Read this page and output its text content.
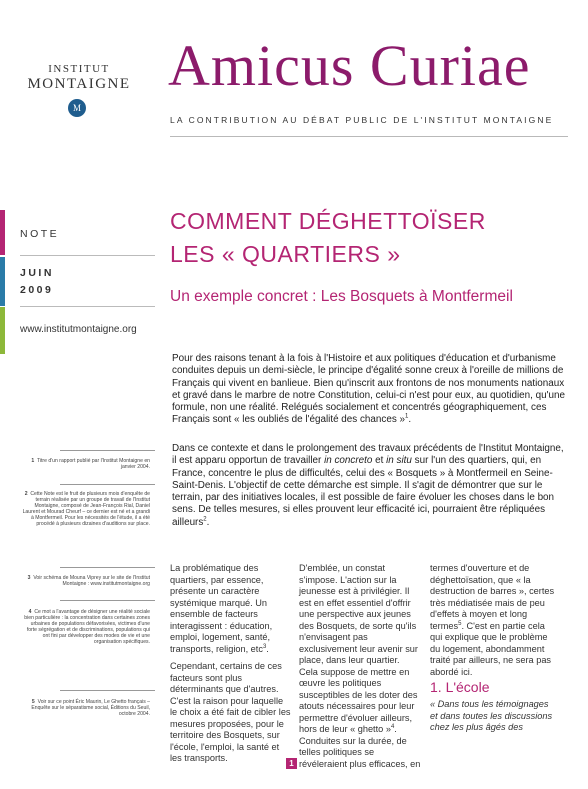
INSTITUT
MONTAIGNE
M
Amicus Curiae
LA CONTRIBUTION AU DÉBAT PUBLIC DE L'INSTITUT MONTAIGNE
NOTE
JUIN
2009
www.institutmontaigne.org
COMMENT DÉGHETTOÏSER
LES « QUARTIERS »
Un exemple concret : Les Bosquets à Montfermeil

Pour des raisons tenant à la fois à l'Histoire et aux politiques d'éducation et d'urbanisme conduites depuis un demi-siècle, le principe d'égalité sonne creux à l'oreille de millions de Français qui vivent en banlieue. Bien qu'inscrit aux frontons de nos monuments nationaux et gravé dans le marbre de notre Constitution, celui-ci n'est pour eux, au quotidien, qu'une formule, non une réalité. Relégués socialement et concentrés géographiquement, ces Français sont « les oubliés de l'égalité des chances »$^1$.

Dans ce contexte et dans le prolongement des travaux précédents de l'Institut Montaigne, il est apparu opportun de travailler in concreto et in situ sur l'un des quartiers, qui, en France, concentre le plus de difficultés, celui des « Bosquets » à Montfermeil en Seine-Saint-Denis. L'objectif de cette démarche est simple. Il s'agit de démontrer que sur le terrain, par des initiatives locales, il est possible de faire évoluer les choses dans le bon sens. De telles mesures, si elles prouvent leur efficacité ici, pourraient être répliquées ailleurs$^2$.

1 Titre d'un rapport publié par l'Institut Montaigne en janvier 2004.
2 Cette Note est le fruit de plusieurs mois d'enquête de terrain réalisée par un groupe de travail de l'Institut Montaigne, composé de Jean-François Rial, Daniel Laurent et Mourad Cheurf – ce dernier est né et a grandi à Montfermeil. Pour les nécessités de l'étude, il a été procédé à plusieurs dizaines d'auditions sur place.
3 Voir schéma de Mouna Viprey sur le site de l'Institut Montaigne : www.institutmontaigne.org
4 Ce mot a l'avantage de désigner une réalité sociale bien particulière : la concentration dans certaines zones urbaines de populations défavorisées, victimes d'une forte ségrégation et de discriminations, populations qui ont fini par développer des modes de vie et une organisation spécifiques.
5 Voir sur ce point Éric Maurin, Le Ghetto français – Enquête sur le séparatisme social, Éditions du Seuil, octobre 2004.

La problématique des quartiers, par essence, présente un caractère systémique marqué. Un ensemble de facteurs interagissent : éducation, emploi, logement, santé, transports, religion, etc$^3$.

Cependant, certains de ces facteurs sont plus déterminants que d'autres. C'est la raison pour laquelle le choix a été fait de cibler les mesures proposées, pour le territoire des Bosquets, sur l'école, l'emploi, la santé et les transports.

D'emblée, un constat s'impose. L'action sur la jeunesse est à privilégier. Il est en effet essentiel d'offrir une perspective aux jeunes des Bosquets, de sorte qu'ils n'envisagent pas exclusivement leur avenir sur place, dans leur quartier. Cela suppose de mettre en œuvre les politiques susceptibles de les doter des atouts nécessaires pour leur permettre d'évoluer ailleurs, hors de leur « ghetto »$^4$. Conduites sur la durée, de telles politiques se révéleraient plus efficaces, en

termes d'ouverture et de déghettoïsation, que « la destruction de barres », certes très médiatisée mais de peu d'effets à moyen et long termes$^5$. C'est en partie cela qui explique que le problème du logement, abondamment traité par ailleurs, ne sera pas abordé ici.

1. L'école

« Dans tous les témoignages et dans toutes les discussions chez les plus âgés des

1
